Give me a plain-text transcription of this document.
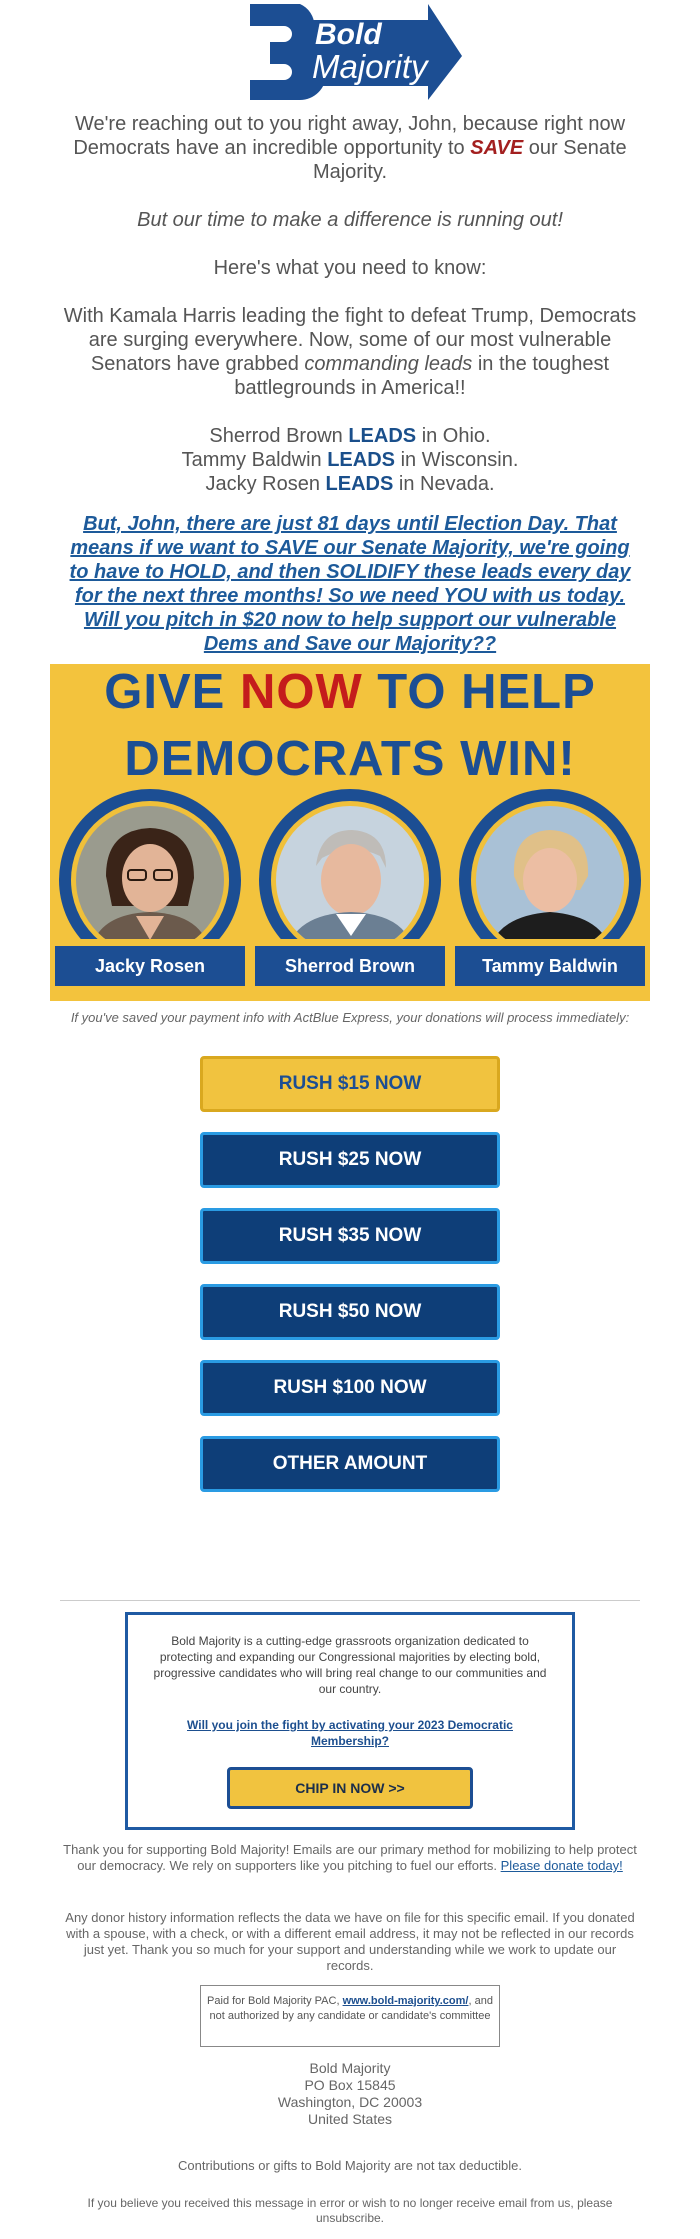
Bold
Majority
We're reaching out to you right away, John, because right now Democrats have an incredible opportunity to SAVE our Senate Majority.
But our time to make a difference is running out!
Here's what you need to know:
With Kamala Harris leading the fight to defeat Trump, Democrats are surging everywhere. Now, some of our most vulnerable Senators have grabbed commanding leads in the toughest battlegrounds in America!!
Sherrod Brown LEADS in Ohio.
Tammy Baldwin LEADS in Wisconsin.
Jacky Rosen LEADS in Nevada.
But, John, there are just 81 days until Election Day. That means if we want to SAVE our Senate Majority, we're going to have to HOLD, and then SOLIDIFY these leads every day for the next three months! So we need YOU with us today. Will you pitch in $20 now to help support our vulnerable Dems and Save our Majority??
GIVE NOW TO HELP
DEMOCRATS WIN!
Jacky Rosen	Sherrod Brown	Tammy Baldwin
If you've saved your payment info with ActBlue Express, your donations will process immediately:
RUSH $15 NOW
RUSH $25 NOW
RUSH $35 NOW
RUSH $50 NOW
RUSH $100 NOW
OTHER AMOUNT
Bold Majority is a cutting-edge grassroots organization dedicated to protecting and expanding our Congressional majorities by electing bold, progressive candidates who will bring real change to our communities and our country.
Will you join the fight by activating your 2023 Democratic Membership?
CHIP IN NOW >>
Thank you for supporting Bold Majority! Emails are our primary method for mobilizing to help protect our democracy. We rely on supporters like you pitching to fuel our efforts. Please donate today!
Any donor history information reflects the data we have on file for this specific email. If you donated with a spouse, with a check, or with a different email address, it may not be reflected in our records just yet. Thank you so much for your support and understanding while we work to update our records.
Paid for Bold Majority PAC, www.bold-majority.com/, and not authorized by any candidate or candidate's committee
Bold Majority
PO Box 15845
Washington, DC 20003
United States
Contributions or gifts to Bold Majority are not tax deductible.
If you believe you received this message in error or wish to no longer receive email from us, please unsubscribe.
